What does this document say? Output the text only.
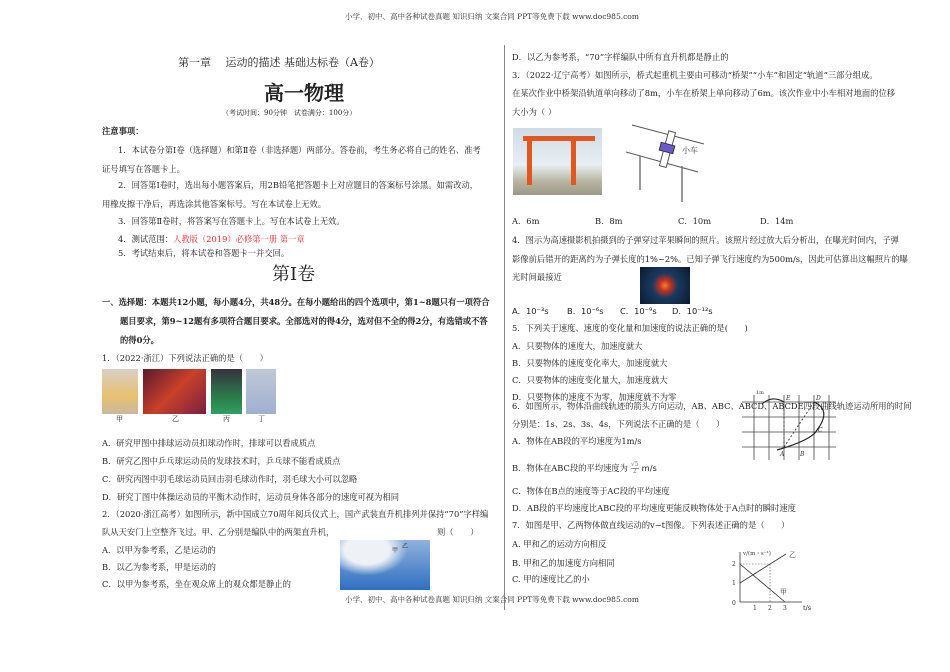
小学、初中、高中各种试卷真题 知识归纳 文案合同 PPT等免费下载 www.doc985.com
第一章　 运动的描述 基础达标卷（A卷）
高一物理
（考试时间：90分钟　试卷满分：100分）
注意事项：
1．本试卷分第Ⅰ卷（选择题）和第Ⅱ卷（非选择题）两部分。答卷前，考生务必将自己的姓名、准考
证号填写在答题卡上。
2．回答第Ⅰ卷时，选出每小题答案后，用2B铅笔把答题卡上对应题目的答案标号涂黑。如需改动，
用橡皮擦干净后，再选涂其他答案标号。写在本试卷上无效。
3．回答第Ⅱ卷时，将答案写在答题卡上。写在本试卷上无效。
4．测试范围：人教版（2019）必修第一册 第一章
5．考试结束后，将本试卷和答题卡一并交回。
第Ⅰ卷
一、选择题：本题共12小题，每小题4分，共48分。在每小题给出的四个选项中，第1~8题只有一项符合
题目要求，第9~12题有多项符合题目要求。全部选对的得4分，选对但不全的得2分，有选错或不答
的得0分。
1．（2022·浙江）下列说法正确的是（　　）
甲	乙	丙	丁
A．研究甲图中排球运动员扣球动作时，排球可以看成质点
B．研究乙图中乒乓球运动员的发球技术时，乒乓球不能看成质点
C．研究丙图中羽毛球运动员回击羽毛球动作时，羽毛球大小可以忽略
D．研究丁图中体操运动员的平衡木动作时，运动员身体各部分的速度可视为相同
2．（2020·浙江高考）如图所示，新中国成立70周年阅兵仪式上，国产武装直升机排列并保持“70”字样编
队从天安门上空整齐飞过。甲、乙分别是编队中的两架直升机，	则（　　）
甲
乙
A．以甲为参考系，乙是运动的
B．以乙为参考系，甲是运动的
C．以甲为参考系，坐在观众席上的观众都是静止的
D．以乙为参考系，“70”字样编队中所有直升机都是静止的
3．（2022·辽宁高考）如图所示，桥式起重机主要由可移动“桥架”“小车”和固定“轨道”三部分组成。
在某次作业中桥架沿轨道单向移动了8m，小车在桥架上单向移动了6m。该次作业中小车相对地面的位移
大小为（ ）
小车
A．6m	B．8m	C．10m	D．14m
4．图示为高速摄影机拍摄到的子弹穿过苹果瞬间的照片。该照片经过放大后分析出，在曝光时间内，子弹
影像前后错开的距离约为子弹长度的1%~2%。已知子弹飞行速度约为500m/s，因此可估算出这幅照片的曝
光时间最接近
A．10⁻³s B．10⁻⁶s C．10⁻⁹s D．10⁻¹²s
5．下列关于速度、速度的变化量和加速度的说法正确的是(　　)
A．只要物体的速度大，加速度就大
B．只要物体的速度变化率大，加速度就大
C．只要物体的速度变化量大，加速度就大
D．只要物体的速度不为零，加速度就不为零	1m
A	B
C
D
E
6．如图所示，物体沿曲线轨迹的箭头方向运动，AB、ABC、ABCD、ABCDE四段曲线轨迹运动所用的时间
分别是：1s、2s、3s、4s，下列说法不正确的是（　　）
A．物体在AB段的平均速度为1m/s
B．物体在ABC段的平均速度为 $\frac{√5}{2} m/s$
C．物体在B点的速度等于AC段的平均速度
D．AB段的平均速度比ABC段的平均速度更能反映物体处于A点时的瞬时速度
7．如图是甲、乙两物体做直线运动的v−t图像。下列表述正确的是（　　）
A. 甲和乙的运动方向相反
B. 甲和乙的加速度方向相同
C. 甲的速度比乙的小
v/(m・s⁻¹)
t/s
2
1
0
1 2 3
乙
甲
小学、初中、高中各种试卷真题 知识归纳 文案合同 PPT等免费下载 www.doc985.com
